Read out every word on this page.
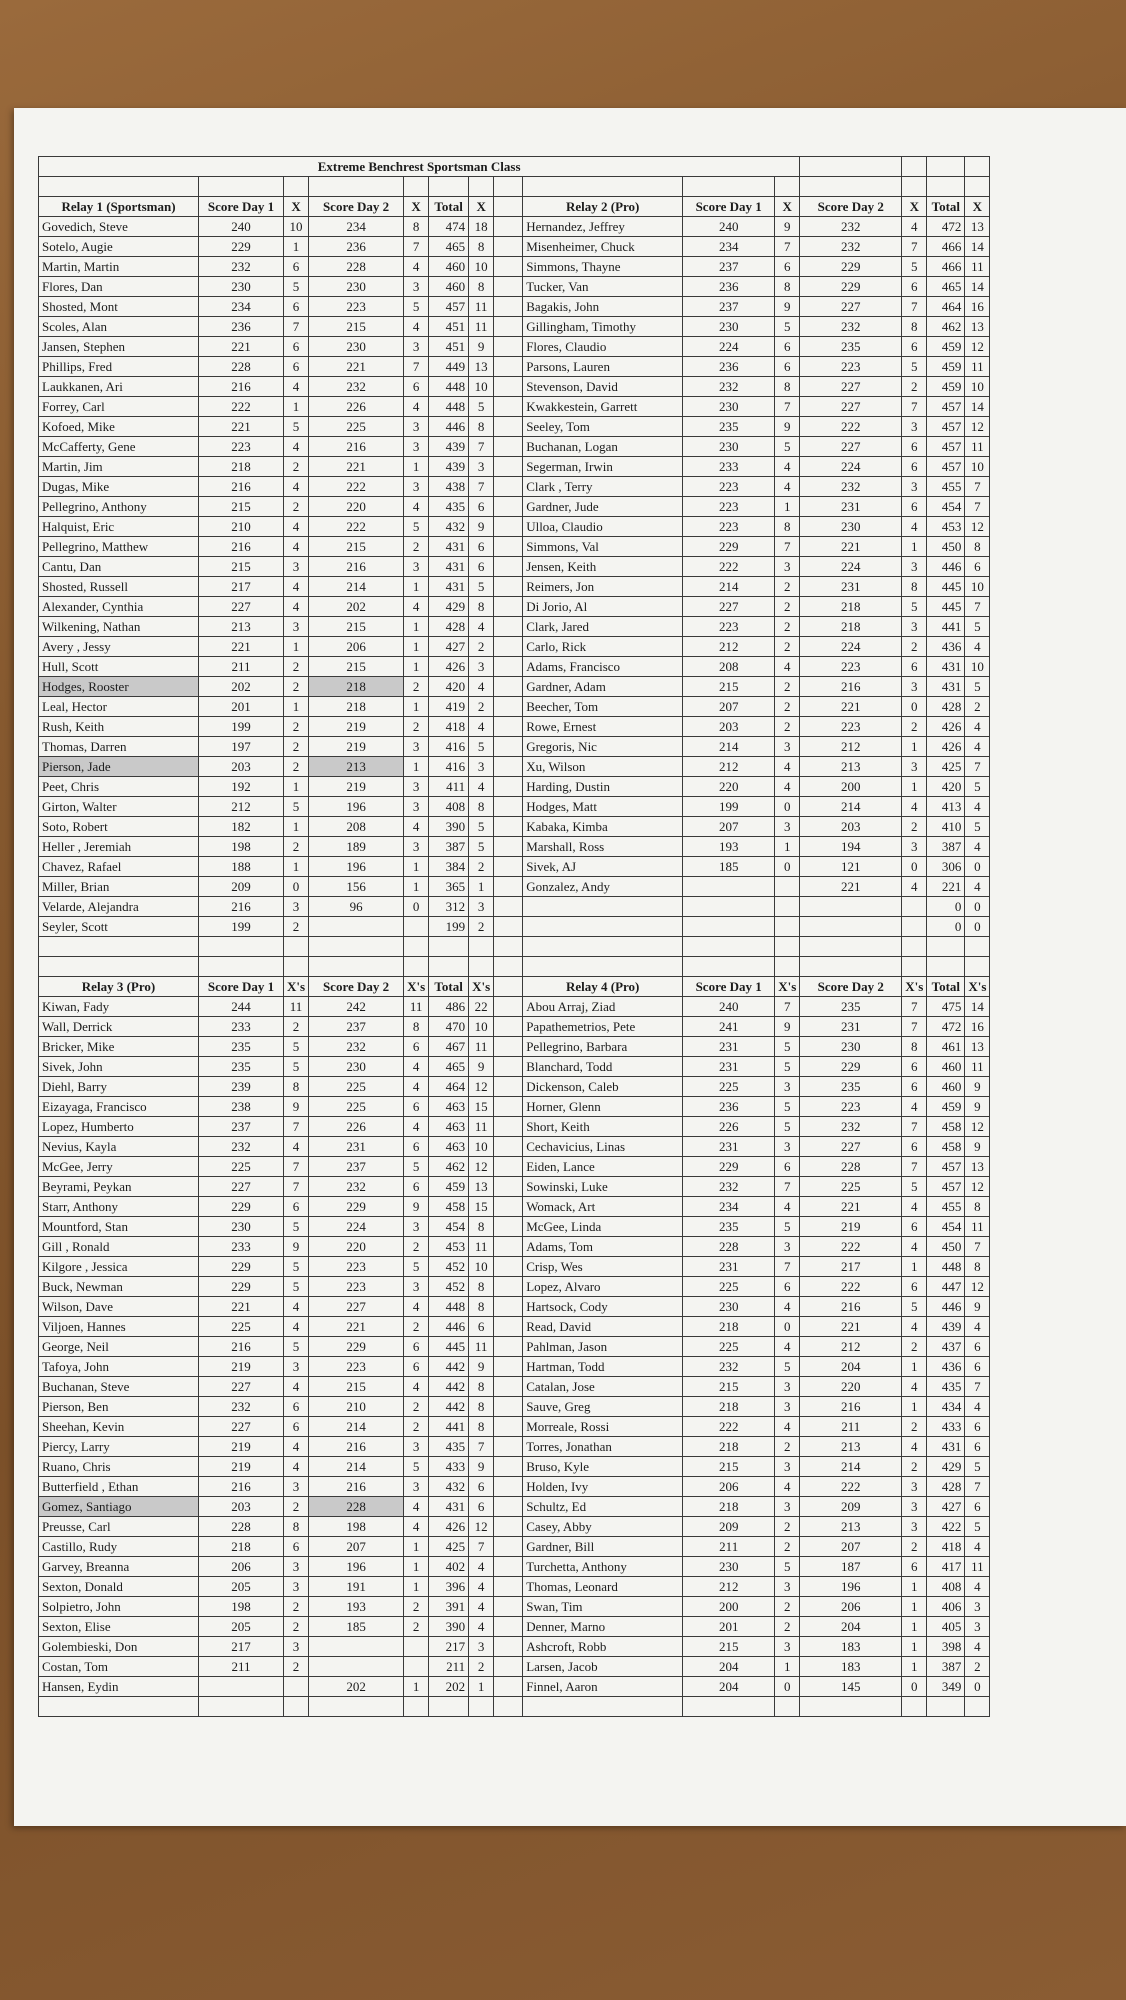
Extreme Benchrest Sportsman Class														

Relay 1 (Sportsman)	Score Day 1	X	Score Day 2	X	Total	X		Relay 2 (Pro)	Score Day 1	X	Score Day 2	X	Total	X
Govedich, Steve	240	10	234	8	474	18		Hernandez, Jeffrey	240	9	232	4	472	13
Sotelo, Augie	229	1	236	7	465	8		Misenheimer, Chuck	234	7	232	7	466	14
Martin, Martin	232	6	228	4	460	10		Simmons, Thayne	237	6	229	5	466	11
Flores, Dan	230	5	230	3	460	8		Tucker, Van	236	8	229	6	465	14
Shosted, Mont	234	6	223	5	457	11		Bagakis, John	237	9	227	7	464	16
Scoles, Alan	236	7	215	4	451	11		Gillingham, Timothy	230	5	232	8	462	13
Jansen, Stephen	221	6	230	3	451	9		Flores, Claudio	224	6	235	6	459	12
Phillips, Fred	228	6	221	7	449	13		Parsons, Lauren	236	6	223	5	459	11
Laukkanen, Ari	216	4	232	6	448	10		Stevenson, David	232	8	227	2	459	10
Forrey, Carl	222	1	226	4	448	5		Kwakkestein, Garrett	230	7	227	7	457	14
Kofoed, Mike	221	5	225	3	446	8		Seeley, Tom	235	9	222	3	457	12
McCafferty, Gene	223	4	216	3	439	7		Buchanan, Logan	230	5	227	6	457	11
Martin, Jim	218	2	221	1	439	3		Segerman, Irwin	233	4	224	6	457	10
Dugas, Mike	216	4	222	3	438	7		Clark , Terry	223	4	232	3	455	7
Pellegrino, Anthony	215	2	220	4	435	6		Gardner, Jude	223	1	231	6	454	7
Halquist, Eric	210	4	222	5	432	9		Ulloa, Claudio	223	8	230	4	453	12
Pellegrino, Matthew	216	4	215	2	431	6		Simmons, Val	229	7	221	1	450	8
Cantu, Dan	215	3	216	3	431	6		Jensen, Keith	222	3	224	3	446	6
Shosted, Russell	217	4	214	1	431	5		Reimers, Jon	214	2	231	8	445	10
Alexander, Cynthia	227	4	202	4	429	8		Di Jorio, Al	227	2	218	5	445	7
Wilkening, Nathan	213	3	215	1	428	4		Clark, Jared	223	2	218	3	441	5
Avery , Jessy	221	1	206	1	427	2		Carlo, Rick	212	2	224	2	436	4
Hull, Scott	211	2	215	1	426	3		Adams, Francisco	208	4	223	6	431	10
Hodges, Rooster	202	2	218	2	420	4		Gardner, Adam	215	2	216	3	431	5
Leal, Hector	201	1	218	1	419	2		Beecher, Tom	207	2	221	0	428	2
Rush, Keith	199	2	219	2	418	4		Rowe, Ernest	203	2	223	2	426	4
Thomas, Darren	197	2	219	3	416	5		Gregoris, Nic	214	3	212	1	426	4
Pierson, Jade	203	2	213	1	416	3		Xu, Wilson	212	4	213	3	425	7
Peet, Chris	192	1	219	3	411	4		Harding, Dustin	220	4	200	1	420	5
Girton, Walter	212	5	196	3	408	8		Hodges, Matt	199	0	214	4	413	4
Soto, Robert	182	1	208	4	390	5		Kabaka, Kimba	207	3	203	2	410	5
Heller , Jeremiah	198	2	189	3	387	5		Marshall, Ross	193	1	194	3	387	4
Chavez, Rafael	188	1	196	1	384	2		Sivek, AJ	185	0	121	0	306	0
Miller, Brian	209	0	156	1	365	1		Gonzalez, Andy			221	4	221	4
Velarde, Alejandra	216	3	96	0	312	3							0	0
Seyler, Scott	199	2			199	2							0	0

Relay 3 (Pro)	Score Day 1	X's	Score Day 2	X's	Total	X's		Relay 4 (Pro)	Score Day 1	X's	Score Day 2	X's	Total	X's
Kiwan, Fady	244	11	242	11	486	22		Abou Arraj, Ziad	240	7	235	7	475	14
Wall, Derrick	233	2	237	8	470	10		Papathemetrios, Pete	241	9	231	7	472	16
Bricker, Mike	235	5	232	6	467	11		Pellegrino, Barbara	231	5	230	8	461	13
Sivek, John	235	5	230	4	465	9		Blanchard, Todd	231	5	229	6	460	11
Diehl, Barry	239	8	225	4	464	12		Dickenson, Caleb	225	3	235	6	460	9
Eizayaga, Francisco	238	9	225	6	463	15		Horner, Glenn	236	5	223	4	459	9
Lopez, Humberto	237	7	226	4	463	11		Short, Keith	226	5	232	7	458	12
Nevius, Kayla	232	4	231	6	463	10		Cechavicius, Linas	231	3	227	6	458	9
McGee, Jerry	225	7	237	5	462	12		Eiden, Lance	229	6	228	7	457	13
Beyrami, Peykan	227	7	232	6	459	13		Sowinski, Luke	232	7	225	5	457	12
Starr, Anthony	229	6	229	9	458	15		Womack, Art	234	4	221	4	455	8
Mountford, Stan	230	5	224	3	454	8		McGee, Linda	235	5	219	6	454	11
Gill , Ronald	233	9	220	2	453	11		Adams, Tom	228	3	222	4	450	7
Kilgore , Jessica	229	5	223	5	452	10		Crisp, Wes	231	7	217	1	448	8
Buck, Newman	229	5	223	3	452	8		Lopez, Alvaro	225	6	222	6	447	12
Wilson, Dave	221	4	227	4	448	8		Hartsock, Cody	230	4	216	5	446	9
Viljoen, Hannes	225	4	221	2	446	6		Read, David	218	0	221	4	439	4
George, Neil	216	5	229	6	445	11		Pahlman, Jason	225	4	212	2	437	6
Tafoya, John	219	3	223	6	442	9		Hartman, Todd	232	5	204	1	436	6
Buchanan, Steve	227	4	215	4	442	8		Catalan, Jose	215	3	220	4	435	7
Pierson, Ben	232	6	210	2	442	8		Sauve, Greg	218	3	216	1	434	4
Sheehan, Kevin	227	6	214	2	441	8		Morreale, Rossi	222	4	211	2	433	6
Piercy, Larry	219	4	216	3	435	7		Torres, Jonathan	218	2	213	4	431	6
Ruano, Chris	219	4	214	5	433	9		Bruso, Kyle	215	3	214	2	429	5
Butterfield , Ethan	216	3	216	3	432	6		Holden, Ivy	206	4	222	3	428	7
Gomez, Santiago	203	2	228	4	431	6		Schultz, Ed	218	3	209	3	427	6
Preusse, Carl	228	8	198	4	426	12		Casey, Abby	209	2	213	3	422	5
Castillo, Rudy	218	6	207	1	425	7		Gardner, Bill	211	2	207	2	418	4
Garvey, Breanna	206	3	196	1	402	4		Turchetta, Anthony	230	5	187	6	417	11
Sexton, Donald	205	3	191	1	396	4		Thomas, Leonard	212	3	196	1	408	4
Solpietro, John	198	2	193	2	391	4		Swan, Tim	200	2	206	1	406	3
Sexton, Elise	205	2	185	2	390	4		Denner, Marno	201	2	204	1	405	3
Golembieski, Don	217	3			217	3		Ashcroft, Robb	215	3	183	1	398	4
Costan, Tom	211	2			211	2		Larsen, Jacob	204	1	183	1	387	2
Hansen, Eydin			202	1	202	1		Finnel, Aaron	204	0	145	0	349	0
